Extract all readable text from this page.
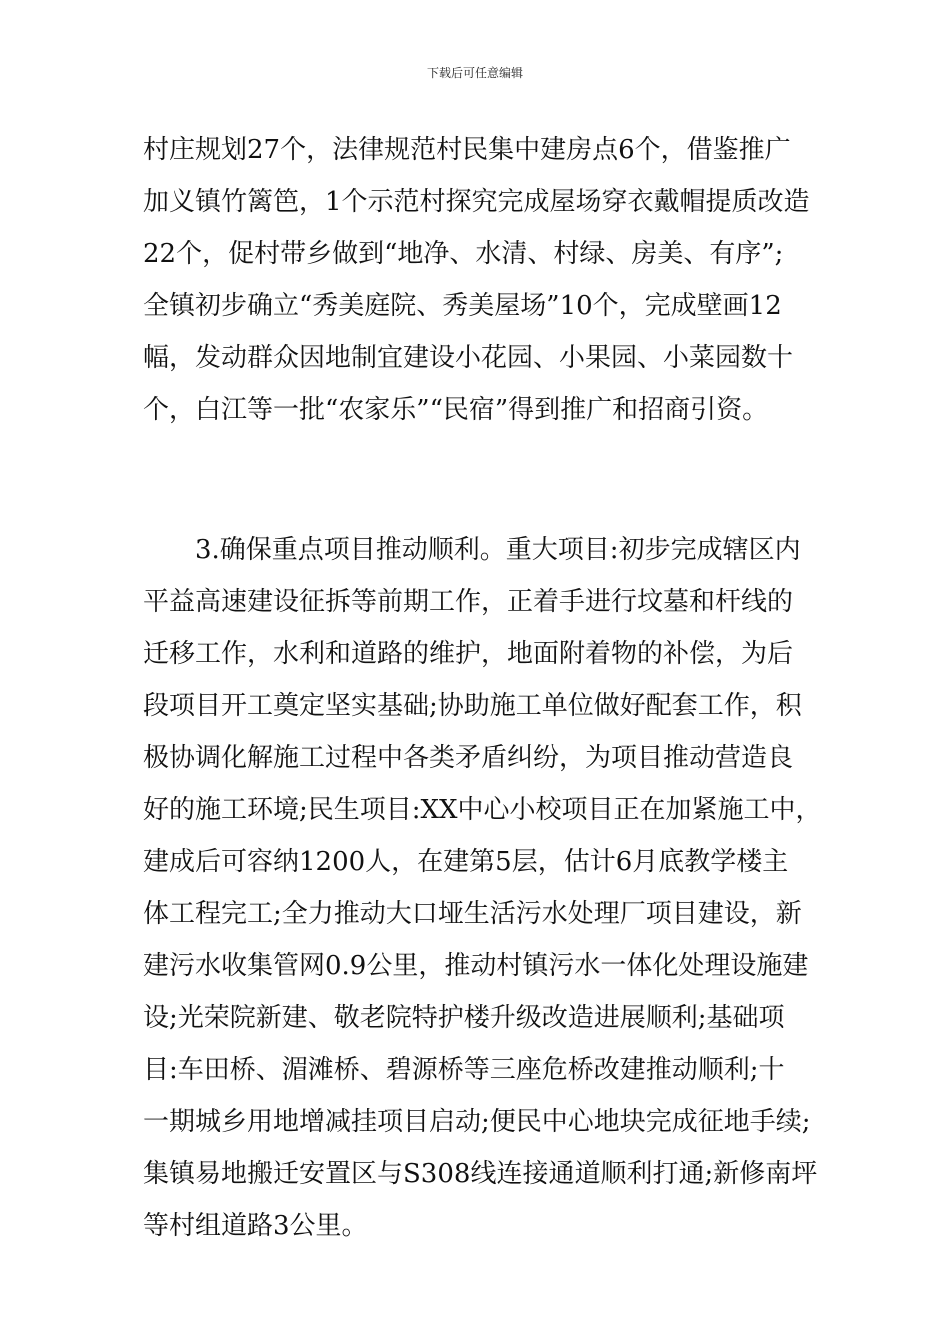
下载后可任意编辑
村庄规划27个，法律规范村民集中建房点6个，借鉴推广
加义镇竹篱笆，1个示范村探究完成屋场穿衣戴帽提质改造
22个，促村带乡做到“地净、水清、村绿、房美、有序”;
全镇初步确立“秀美庭院、秀美屋场”10个，完成壁画12
幅，发动群众因地制宜建设小花园、小果园、小菜园数十
个，白江等一批“农家乐”“民宿”得到推广和招商引资。
3.确保重点项目推动顺利。重大项目:初步完成辖区内
平益高速建设征拆等前期工作，正着手进行坟墓和杆线的
迁移工作，水利和道路的维护，地面附着物的补偿，为后
段项目开工奠定坚实基础;协助施工单位做好配套工作，积
极协调化解施工过程中各类矛盾纠纷，为项目推动营造良
好的施工环境;民生项目:XX中心小校项目正在加紧施工中，
建成后可容纳1200人，在建第5层，估计6月底教学楼主
体工程完工;全力推动大口垭生活污水处理厂项目建设，新
建污水收集管网0.9公里，推动村镇污水一体化处理设施建
设;光荣院新建、敬老院特护楼升级改造进展顺利;基础项
目:车田桥、湄滩桥、碧源桥等三座危桥改建推动顺利;十
一期城乡用地增减挂项目启动;便民中心地块完成征地手续;
集镇易地搬迁安置区与S308线连接通道顺利打通;新修南坪
等村组道路3公里。
